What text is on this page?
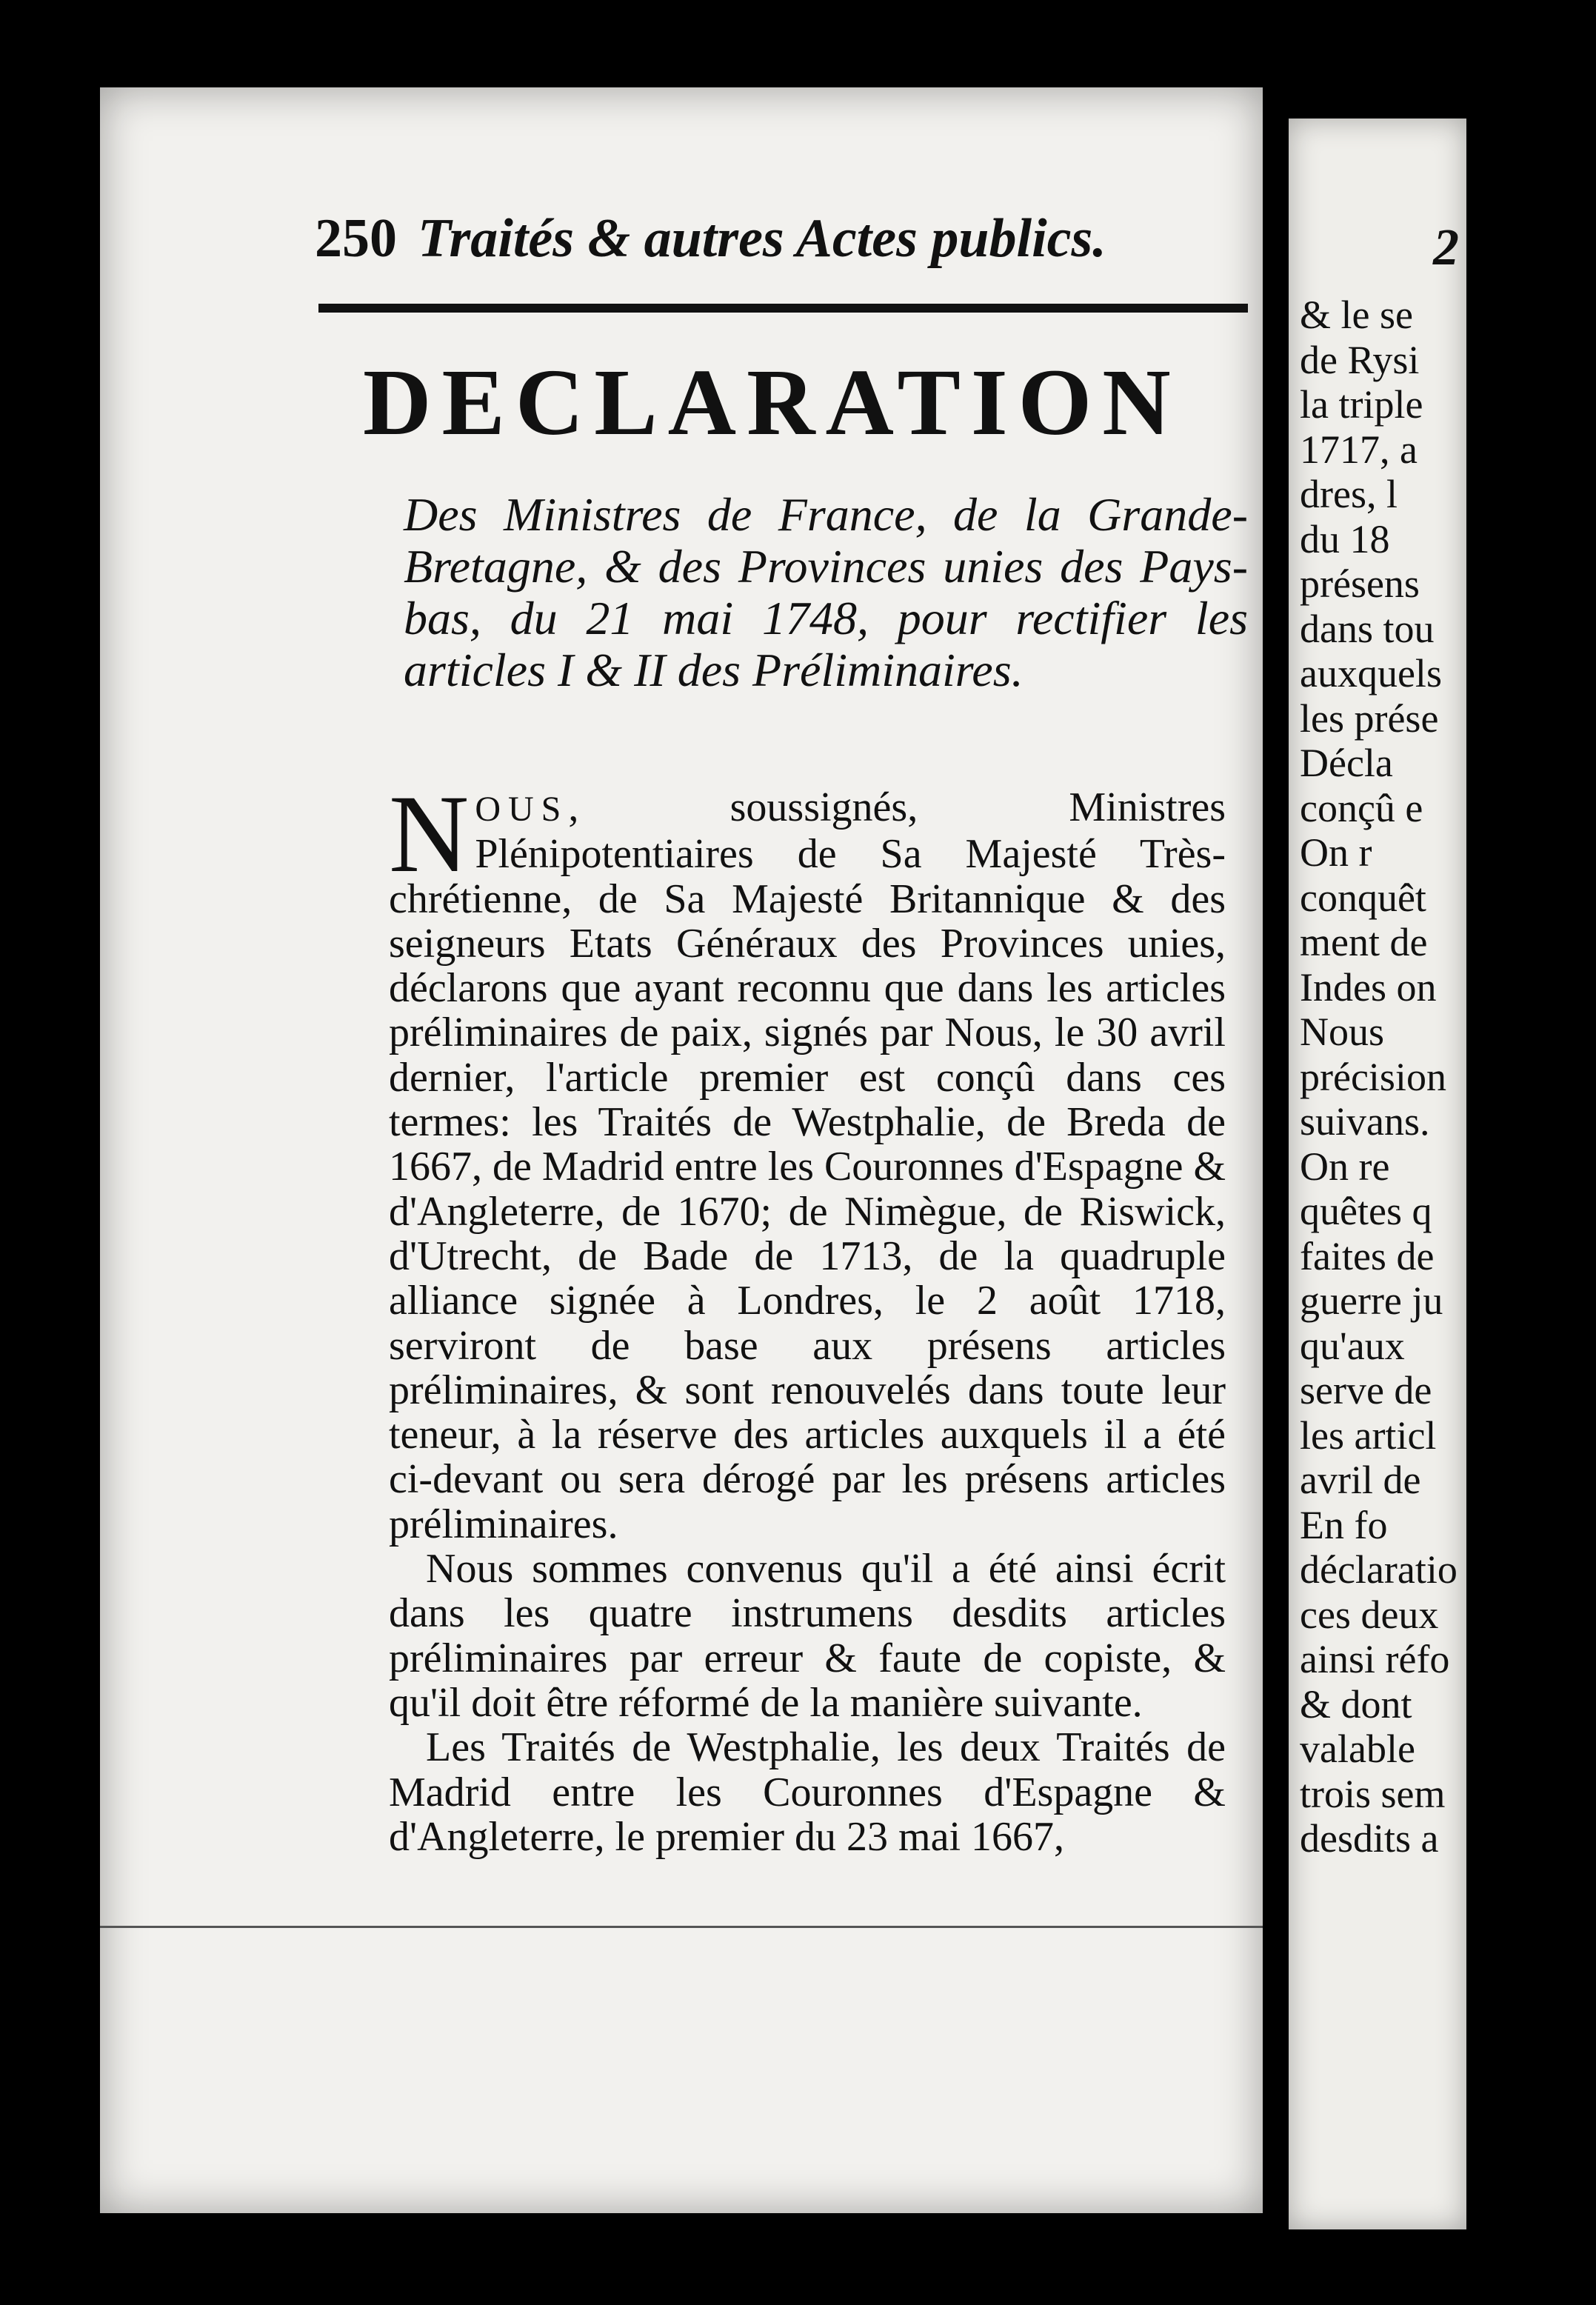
250 Traités & autres Actes publics.
DECLARATION
Des Ministres de France, de la Grande-Bretagne, & des Provinces unies des Pays-bas, du 21 mai 1748, pour rectifier les articles I & II des Préliminaires.

NOUS, soussignés, Ministres Plénipotentiaires de Sa Majesté Très-chrétienne, de Sa Majesté Britannique & des seigneurs Etats Généraux des Provinces unies, déclarons que ayant reconnu que dans les articles préliminaires de paix, signés par Nous, le 30 avril dernier, l'article premier est conçû dans ces termes: les Traités de Westphalie, de Breda de 1667, de Madrid entre les Couronnes d'Espagne & d'Angleterre, de 1670; de Nimègue, de Riswick, d'Utrecht, de Bade de 1713, de la quadruple alliance signée à Londres, le 2 août 1718, serviront de base aux présens articles préliminaires, & sont renouvelés dans toute leur teneur, à la réserve des articles auxquels il a été ci-devant ou sera dérogé par les présens articles préliminaires.

Nous sommes convenus qu'il a été ainsi écrit dans les quatre instrumens desdits articles préliminaires par erreur & faute de copiste, & qu'il doit être réformé de la manière suivante.

Les Traités de Westphalie, les deux Traités de Madrid entre les Couronnes d'Espagne & d'Angleterre, le premier du 23 mai 1667,

2
& le se
de Rysi
la triple
1717, a
dres, l
du 18
présens
dans tou
auxquels
les prése
Décla
conçû e
On r
conquêt
ment de
Indes on
Nous
précision
suivans.
On re
quêtes q
faites de
guerre ju
qu'aux
serve de
les articl
avril de
En fo
déclaratio
ces deux
ainsi réfo
& dont
valable
trois sem
desdits a
